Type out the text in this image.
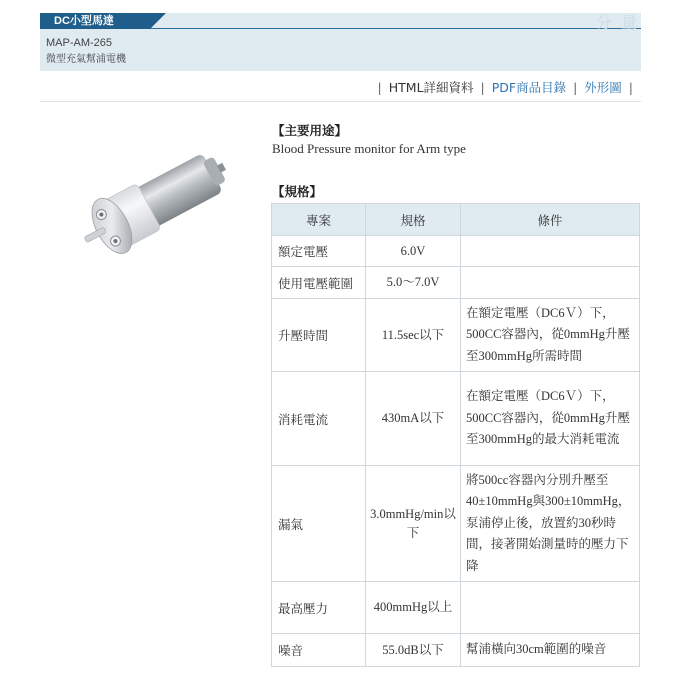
DC小型馬達	分 量
MAP-AM-265
微型充氣幫浦電機
| HTML詳細資料 | PDF商品目錄 | 外形圖 |
【主要用途】
Blood Pressure monitor for Arm type
【規格】
專案	規格	條件
額定電壓	6.0V	
使用電壓範圍	5.0〜7.0V	
升壓時間	11.5sec以下	在額定電壓（DC6Ｖ）下，500CC容器內，從0mmHg升壓至300mmHg所需時間
消耗電流	430mA以下	在額定電壓（DC6Ｖ）下，500CC容器內，從0mmHg升壓至300mmHg的最大消耗電流
漏氣	3.0mmHg/min以下	將500cc容器內分別升壓至40±10mmHg與300±10mmHg，泵浦停止後，放置約30秒時間，接著開始測量時的壓力下降
最高壓力	400mmHg以上	
噪音	55.0dB以下	幫浦橫向30cm範圍的噪音
